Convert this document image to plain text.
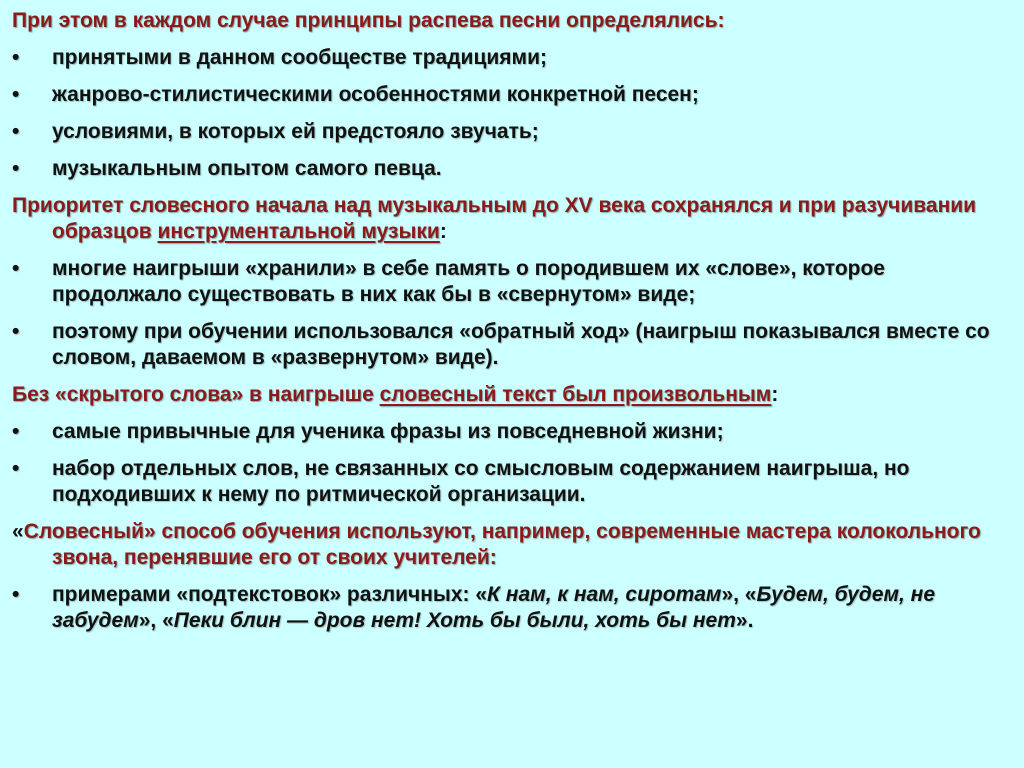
При этом в каждом случае принципы распева песни определялись:

•	принятыми в данном сообществе традициями;
•	жанрово-стилистическими особенностями конкретной песен;
•	условиями, в которых ей предстояло звучать;
•	музыкальным опытом самого певца.

Приоритет словесного начала над музыкальным до XV века сохранялся и при разучивании образцов инструментальной музыки:

•	многие наигрыши «хранили» в себе память о породившем их «слове», которое продолжало существовать в них как бы в «свернутом» виде;
•	поэтому при обучении использовался «обратный ход» (наигрыш показывался вместе со словом, даваемом в «развернутом» виде).

Без «скрытого слова» в наигрыше словесный текст был произвольным:

•	самые привычные для ученика фразы из повседневной жизни;
•	набор отдельных слов, не связанных со смысловым содержанием наигрыша, но подходивших к нему по ритмической организации.

«Словесный» способ обучения используют, например, современные мастера колокольного звона, перенявшие его от своих учителей:

•	примерами «подтекстовок» различных: «К нам, к нам, сиротам», «Будем, будем, не забудем», «Пеки блин — дров нет! Хоть бы были, хоть бы нет».
